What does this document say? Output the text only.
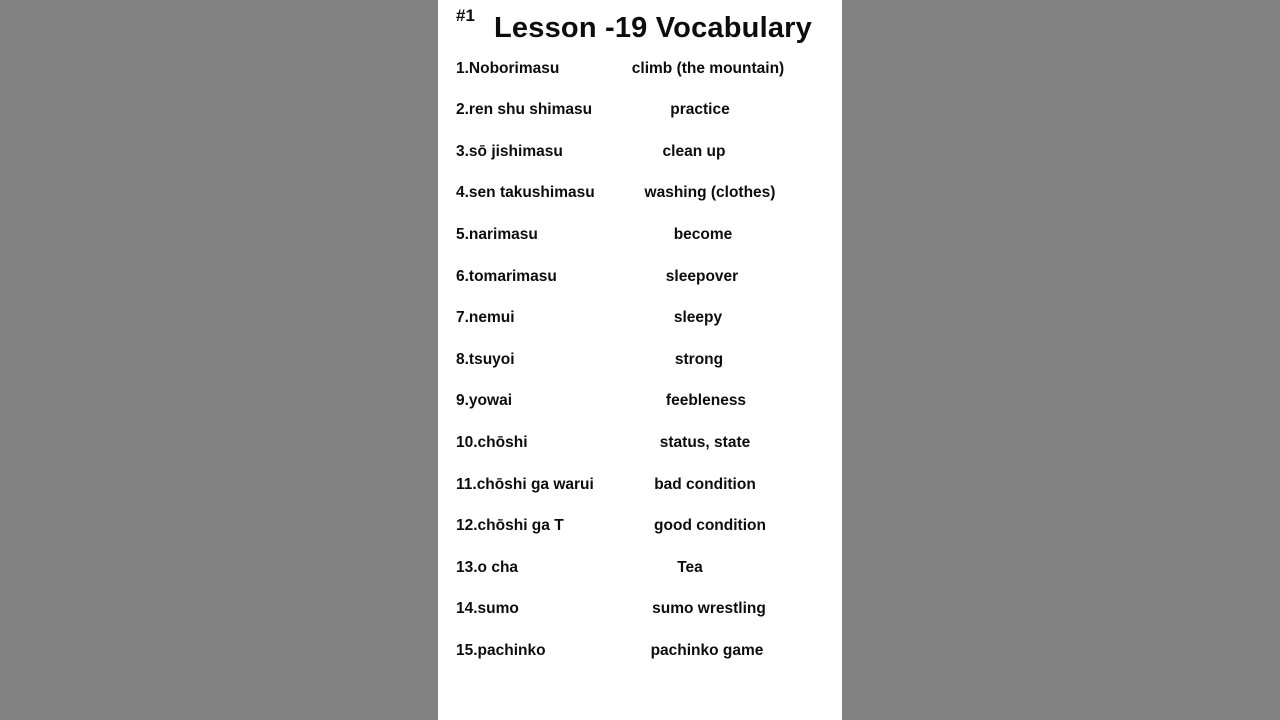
#1 Lesson -19 Vocabulary
1.Noborimasu	climb (the mountain)
2.ren shu shimasu	practice
3.sō jishimasu	clean up
4.sen takushimasu	washing (clothes)
5.narimasu	become
6.tomarimasu	sleepover
7.nemui	sleepy
8.tsuyoi	strong
9.yowai	feebleness
10.chōshi	status, state
11.chōshi ga warui	bad condition
12.chōshi ga T	good condition
13.o cha	Tea
14.sumo	sumo wrestling
15.pachinko	pachinko game
